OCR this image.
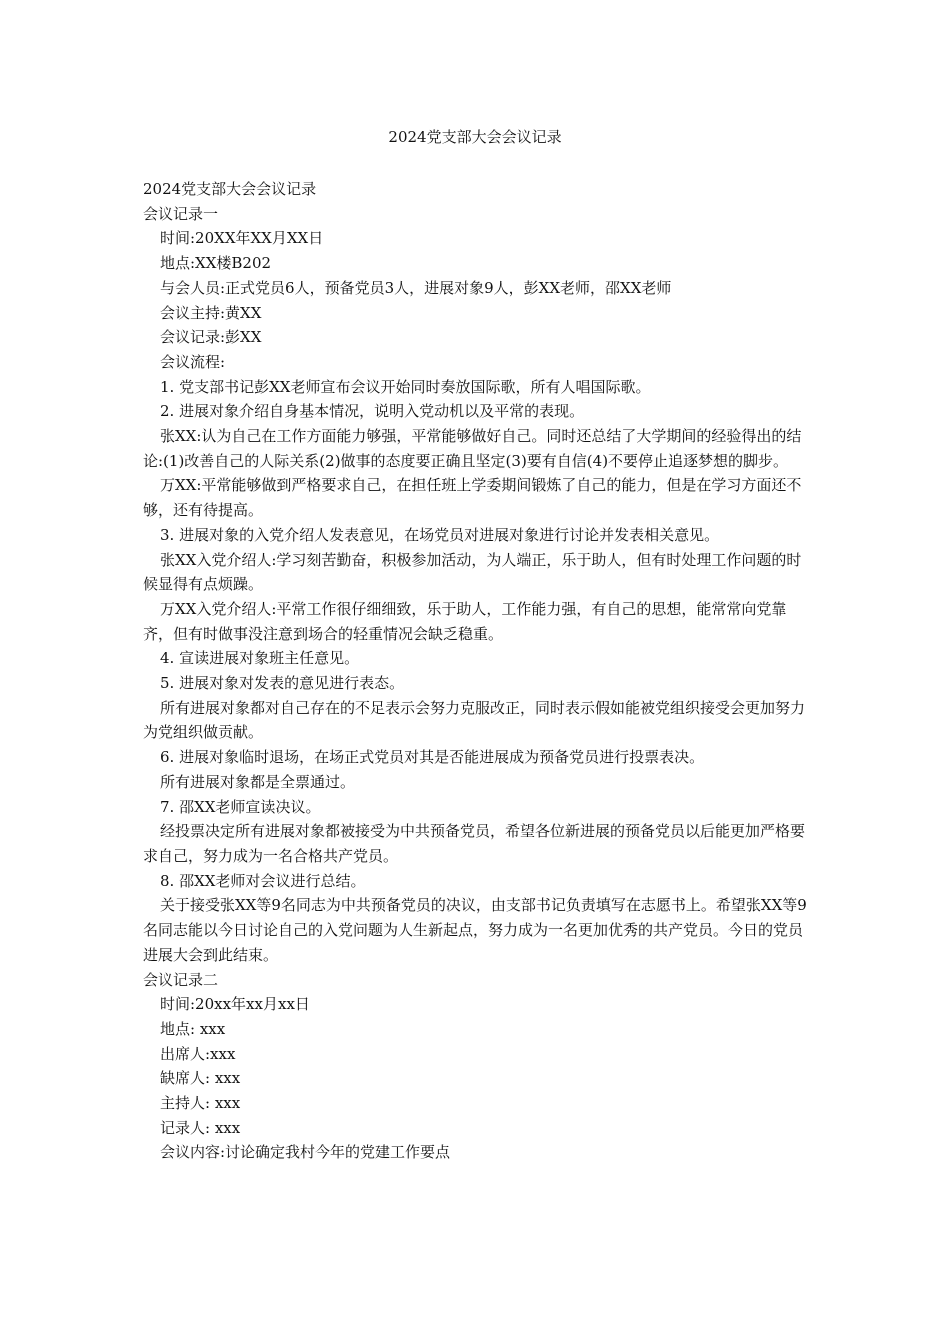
2024党支部大会会议记录

2024党支部大会会议记录

会议记录一

时间:20XX年XX月XX日

地点:XX楼B202

与会人员:正式党员6人，预备党员3人，进展对象9人，彭XX老师，邵XX老师

会议主持:黄XX

会议记录:彭XX

会议流程:

1. 党支部书记彭XX老师宣布会议开始同时奏放国际歌，所有人唱国际歌。

2. 进展对象介绍自身基本情况，说明入党动机以及平常的表现。

张XX:认为自己在工作方面能力够强，平常能够做好自己。同时还总结了大学期间的经验得出的结论:(1)改善自己的人际关系(2)做事的态度要正确且坚定(3)要有自信(4)不要停止追逐梦想的脚步。

万XX:平常能够做到严格要求自己，在担任班上学委期间锻炼了自己的能力，但是在学习方面还不够，还有待提高。

3. 进展对象的入党介绍人发表意见，在场党员对进展对象进行讨论并发表相关意见。

张XX入党介绍人:学习刻苦勤奋，积极参加活动，为人端正，乐于助人，但有时处理工作问题的时候显得有点烦躁。

万XX入党介绍人:平常工作很仔细细致，乐于助人，工作能力强，有自己的思想，能常常向党靠齐，但有时做事没注意到场合的轻重情况会缺乏稳重。

4. 宣读进展对象班主任意见。

5. 进展对象对发表的意见进行表态。

所有进展对象都对自己存在的不足表示会努力克服改正，同时表示假如能被党组织接受会更加努力为党组织做贡献。

6. 进展对象临时退场，在场正式党员对其是否能进展成为预备党员进行投票表决。

所有进展对象都是全票通过。

7. 邵XX老师宣读决议。

经投票决定所有进展对象都被接受为中共预备党员，希望各位新进展的预备党员以后能更加严格要求自己，努力成为一名合格共产党员。

8. 邵XX老师对会议进行总结。

关于接受张XX等9名同志为中共预备党员的决议，由支部书记负责填写在志愿书上。希望张XX等9名同志能以今日讨论自己的入党问题为人生新起点，努力成为一名更加优秀的共产党员。今日的党员进展大会到此结束。

会议记录二

时间:20xx年xx月xx日

地点: xxx

出席人:xxx

缺席人: xxx

主持人: xxx

记录人: xxx

会议内容:讨论确定我村今年的党建工作要点
